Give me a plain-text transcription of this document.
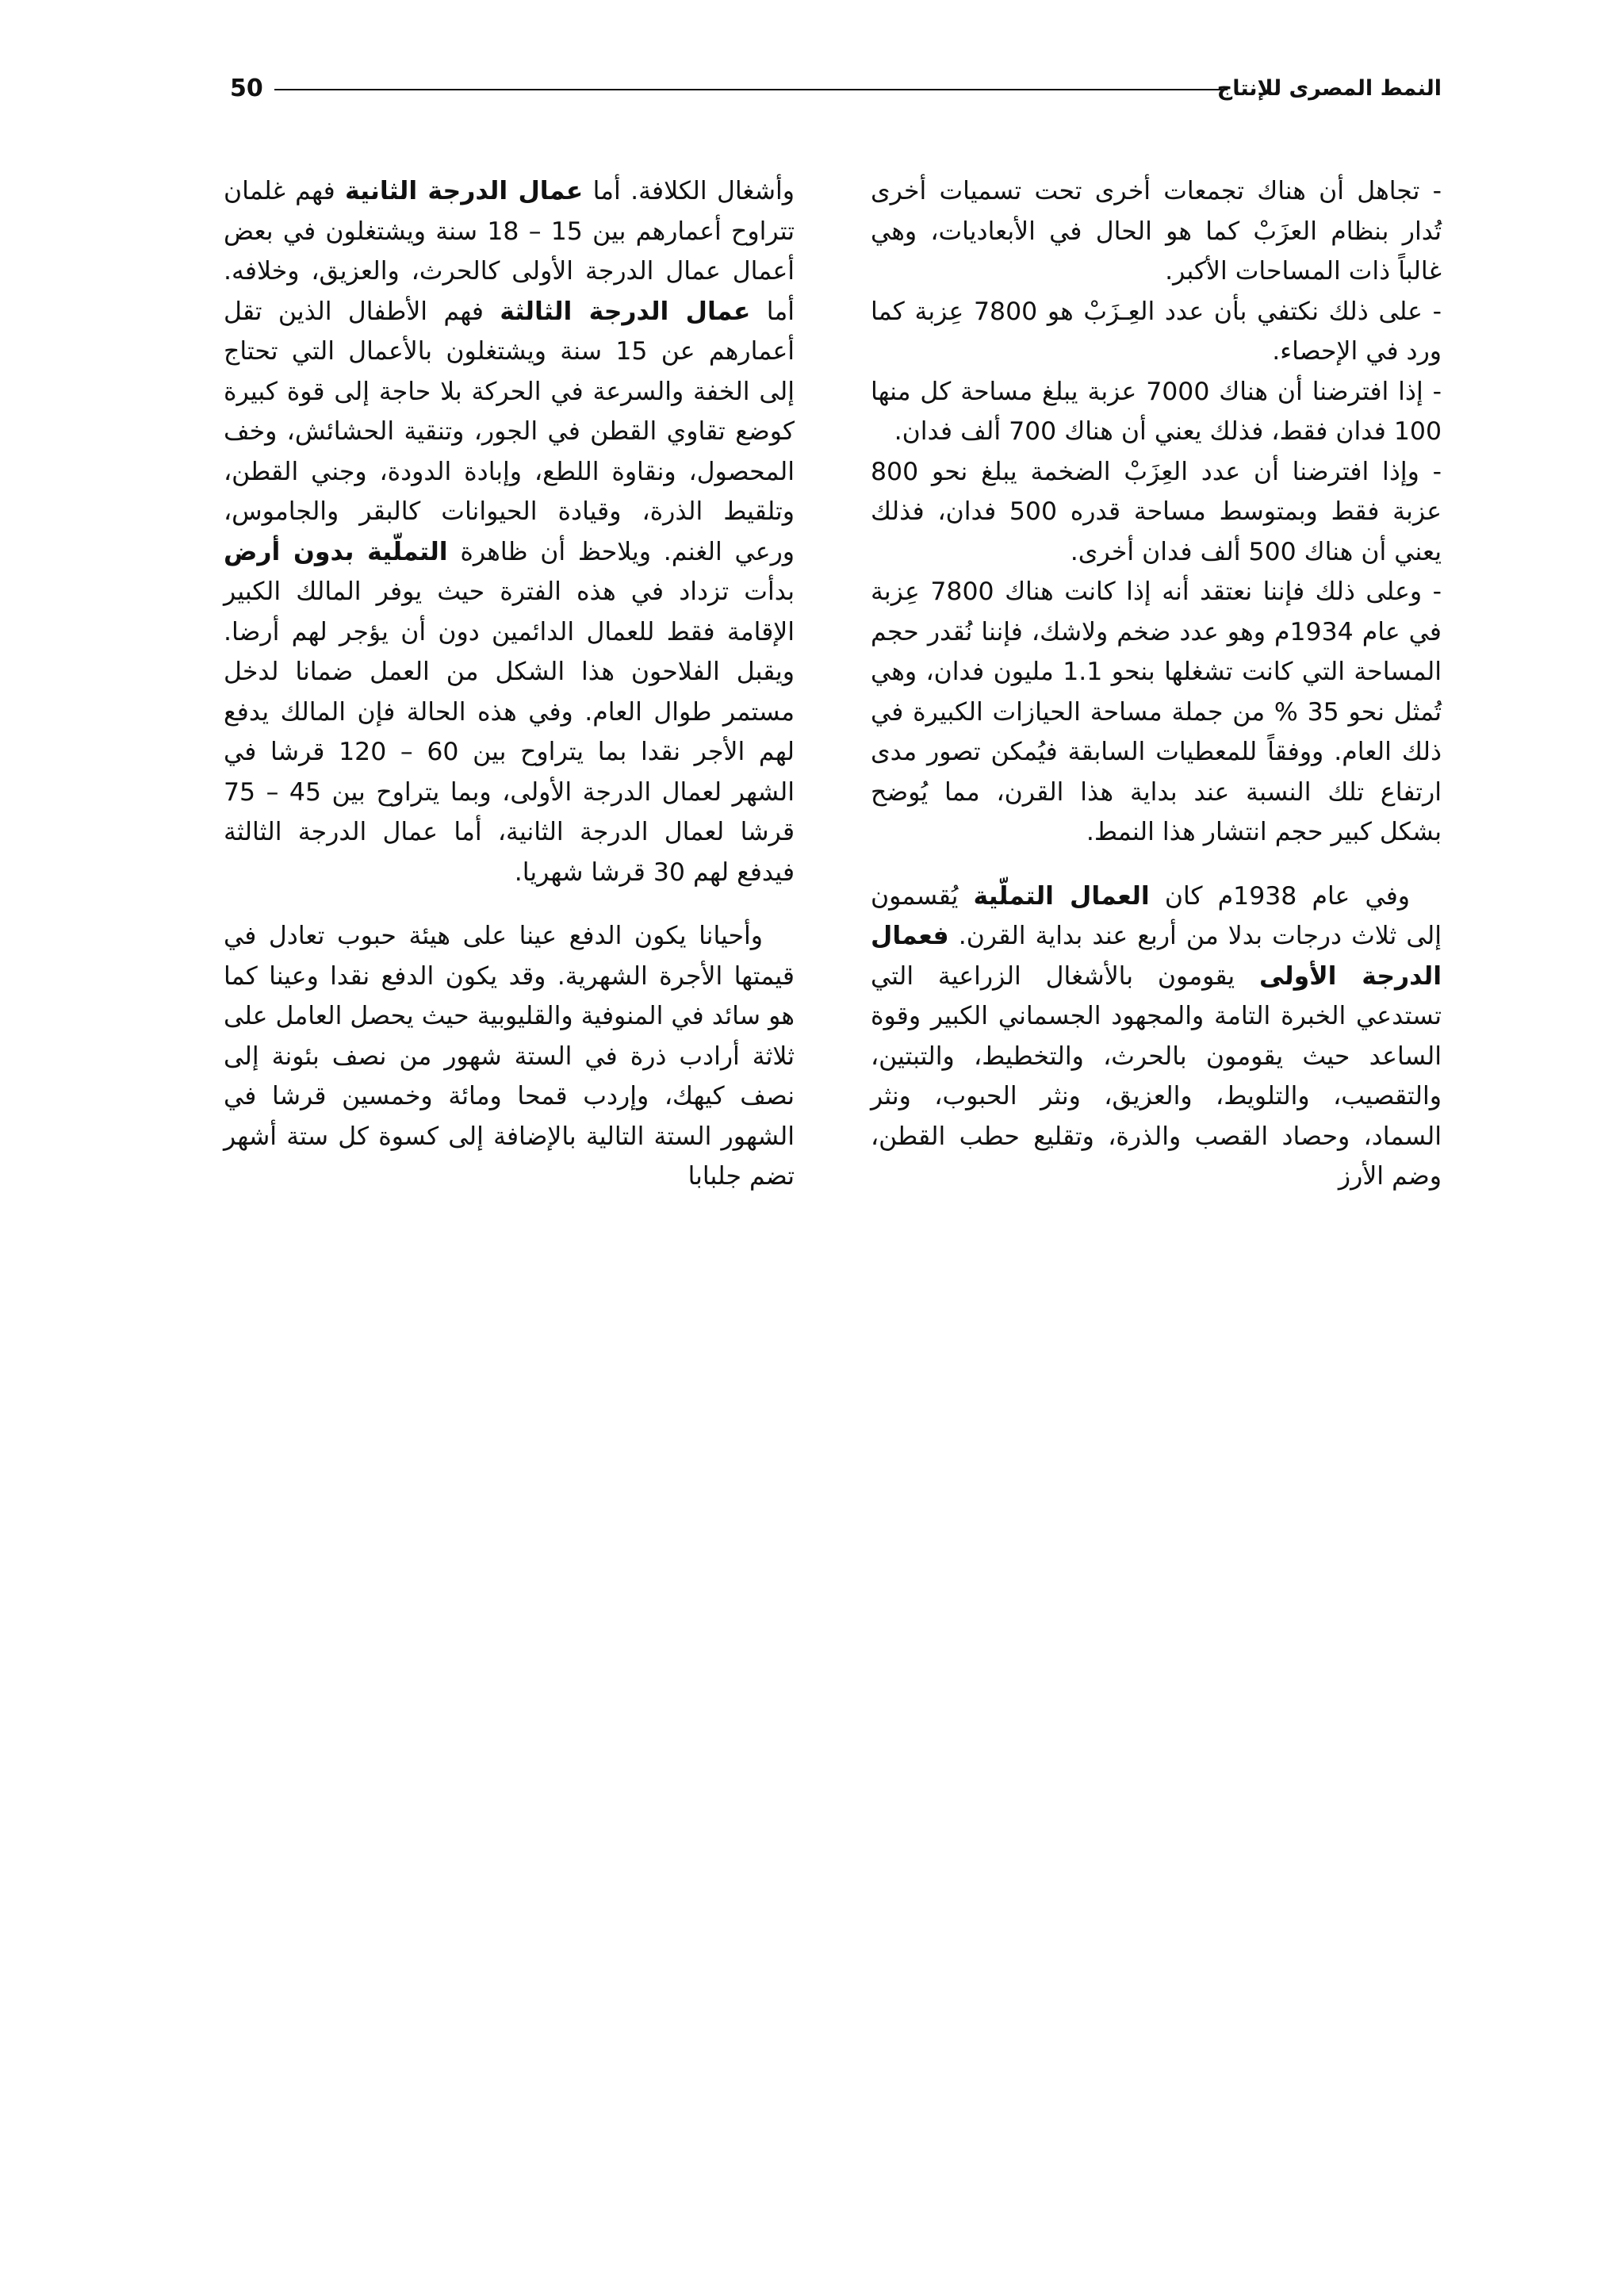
50	النمط المصرى للإنتاج

- تجاهل أن هناك تجمعات أخرى تحت تسميات أخرى تُدار بنظام العزَبْ كما هو الحال في الأبعاديات، وهي غالباً ذات المساحات الأكبر.

- على ذلك نكتفي بأن عدد العِـزَبْ هو 7800 عِزبة كما ورد في الإحصاء.

- إذا افترضنا أن هناك 7000 عزبة يبلغ مساحة كل منها 100 فدان فقط، فذلك يعني أن هناك 700 ألف فدان.

- وإذا افترضنا أن عدد العِزَبْ الضخمة يبلغ نحو 800 عزبة فقط وبمتوسط مساحة قدره 500 فدان، فذلك يعني أن هناك 500 ألف فدان أخرى.

- وعلى ذلك فإننا نعتقد أنه إذا كانت هناك 7800 عِزبة في عام 1934م وهو عدد ضخم ولاشك، فإننا نُقدر حجم المساحة التي كانت تشغلها بنحو 1.1 مليون فدان، وهي تُمثل نحو 35 % من جملة مساحة الحيازات الكبيرة في ذلك العام. ووفقاً للمعطيات السابقة فيُمكن تصور مدى ارتفاع تلك النسبة عند بداية هذا القرن، مما يُوضح بشكل كبير حجم انتشار هذا النمط.

وفي عام 1938م كان العمال التملّية يُقسمون إلى ثلاث درجات بدلا من أربع عند بداية القرن. فعمال الدرجة الأولى يقومون بالأشغال الزراعية التي تستدعي الخبرة التامة والمجهود الجسماني الكبير وقوة الساعد حيث يقومون بالحرث، والتخطيط، والتبتين، والتقصيب، والتلويط، والعزيق، ونثر الحبوب، ونثر السماد، وحصاد القصب والذرة، وتقليع حطب القطن، وضم الأرز

وأشغال الكلافة. أما عمال الدرجة الثانية فهم غلمان تتراوح أعمارهم بين 15 – 18 سنة ويشتغلون في بعض أعمال عمال الدرجة الأولى كالحرث، والعزيق، وخلافه. أما عمال الدرجة الثالثة فهم الأطفال الذين تقل أعمارهم عن 15 سنة ويشتغلون بالأعمال التي تحتاج إلى الخفة والسرعة في الحركة بلا حاجة إلى قوة كبيرة كوضع تقاوي القطن في الجور، وتنقية الحشائش، وخف المحصول، ونقاوة اللطع، وإبادة الدودة، وجني القطن، وتلقيط الذرة، وقيادة الحيوانات كالبقر والجاموس، ورعي الغنم. ويلاحظ أن ظاهرة التملّية بدون أرض بدأت تزداد في هذه الفترة حيث يوفر المالك الكبير الإقامة فقط للعمال الدائمين دون أن يؤجر لهم أرضا. ويقبل الفلاحون هذا الشكل من العمل ضمانا لدخل مستمر طوال العام. وفي هذه الحالة فإن المالك يدفع لهم الأجر نقدا بما يتراوح بين 60 – 120 قرشا في الشهر لعمال الدرجة الأولى، وبما يتراوح بين 45 – 75 قرشا لعمال الدرجة الثانية، أما عمال الدرجة الثالثة فيدفع لهم 30 قرشا شهريا.

وأحيانا يكون الدفع عينا على هيئة حبوب تعادل في قيمتها الأجرة الشهرية. وقد يكون الدفع نقدا وعينا كما هو سائد في المنوفية والقليوبية حيث يحصل العامل على ثلاثة أرادب ذرة في الستة شهور من نصف بئونة إلى نصف كيهك، وإردب قمحا ومائة وخمسين قرشا في الشهور الستة التالية بالإضافة إلى كسوة كل ستة أشهر تضم جلبابا
